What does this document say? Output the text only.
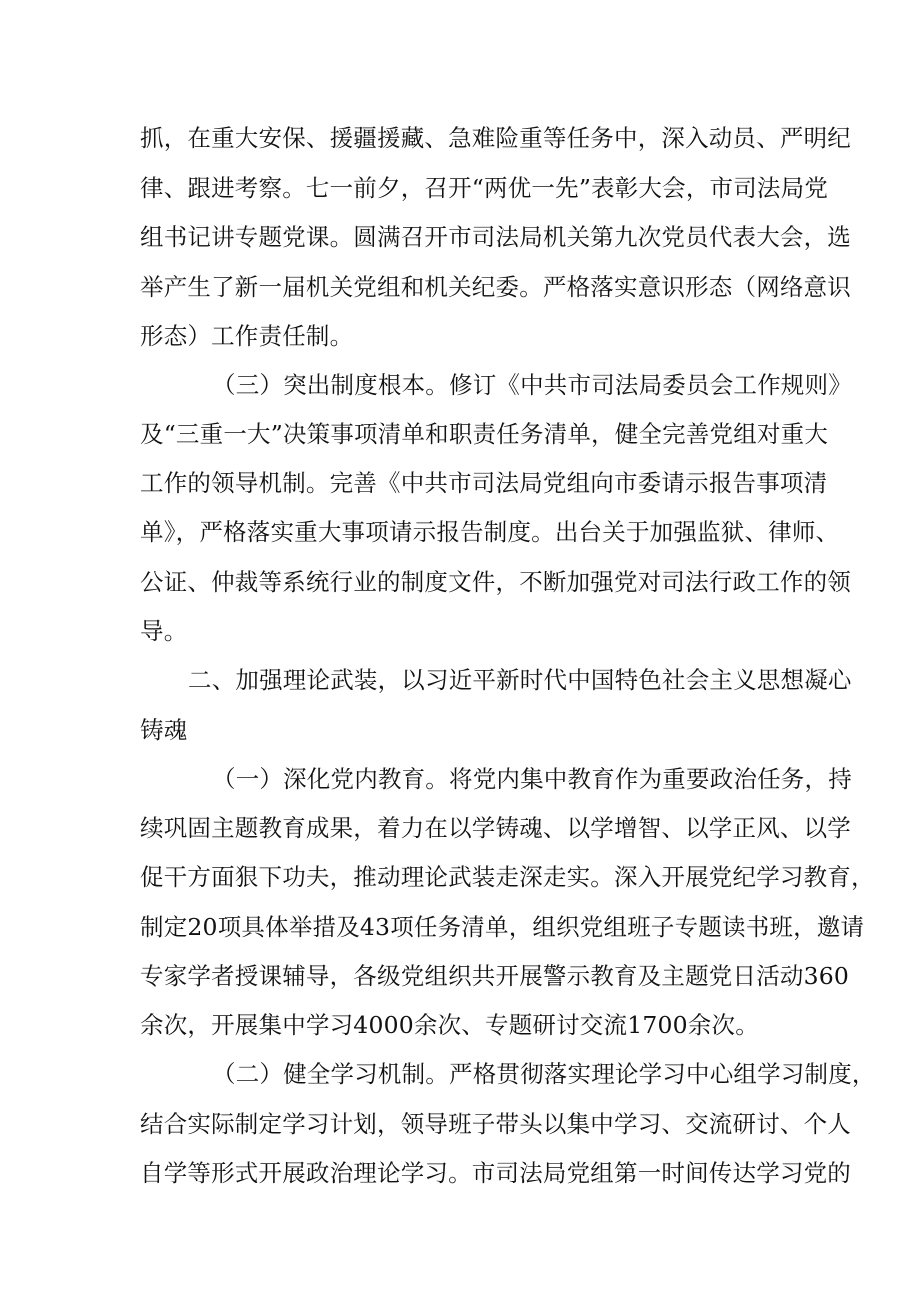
抓，在重大安保、援疆援藏、急难险重等任务中，深入动员、严明纪
律、跟进考察。七一前夕，召开“两优一先”表彰大会，市司法局党
组书记讲专题党课。圆满召开市司法局机关第九次党员代表大会，选
举产生了新一届机关党组和机关纪委。严格落实意识形态（网络意识
形态）工作责任制。
（三）突出制度根本。修订《中共市司法局委员会工作规则》
及“三重一大”决策事项清单和职责任务清单，健全完善党组对重大
工作的领导机制。完善《中共市司法局党组向市委请示报告事项清
单》，严格落实重大事项请示报告制度。出台关于加强监狱、律师、
公证、仲裁等系统行业的制度文件，不断加强党对司法行政工作的领
导。
二、加强理论武装，以习近平新时代中国特色社会主义思想凝心
铸魂
（一）深化党内教育。将党内集中教育作为重要政治任务，持
续巩固主题教育成果，着力在以学铸魂、以学增智、以学正风、以学
促干方面狠下功夫，推动理论武装走深走实。深入开展党纪学习教育，
制定20项具体举措及43项任务清单，组织党组班子专题读书班，邀请
专家学者授课辅导，各级党组织共开展警示教育及主题党日活动360
余次，开展集中学习4000余次、专题研讨交流1700余次。
（二）健全学习机制。严格贯彻落实理论学习中心组学习制度，
结合实际制定学习计划，领导班子带头以集中学习、交流研讨、个人
自学等形式开展政治理论学习。市司法局党组第一时间传达学习党的
